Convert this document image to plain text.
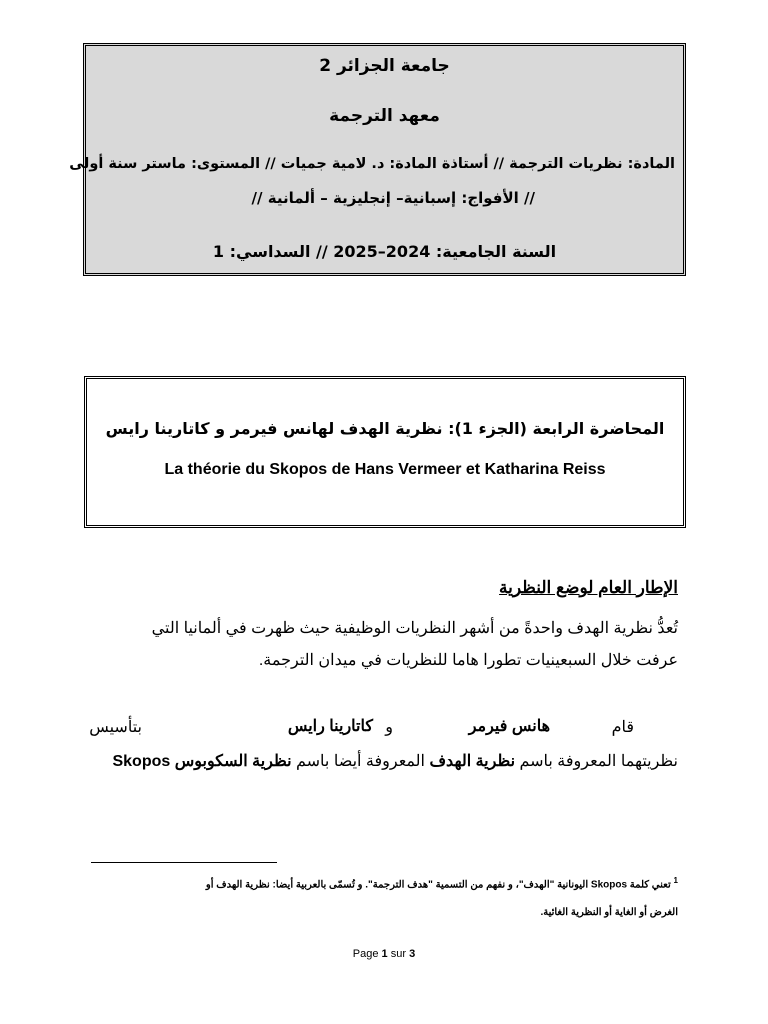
جامعة الجزائر 2
معهد الترجمة
المادة: نظريات الترجمة // أستاذة المادة: د. لامية جميات // المستوى: ماستر سنة أولى
// الأفواج: إسبانية– إنجليزية – ألمانية //
السنة الجامعية: 2024–2025 // السداسي: 1
المحاضرة الرابعة (الجزء 1): نظرية الهدف لهانس فيرمر و كاتارينا رايس
La théorie du Skopos de Hans Vermeer et Katharina Reiss
الإطار العام لوضع النظرية
تُعدُّ نظرية الهدف واحدةً من أشهر النظريات الوظيفية حيث ظهرت في ألمانيا التي
عرفت خلال السبعينيات تطورا هاما للنظريات في ميدان الترجمة.
قام
هانس فيرمر
و
كاتارينا رايس
بتأسيس
نظريتهما المعروفة باسم نظرية الهدف المعروفة أيضا باسم نظرية السكوبوس Skopos
$^1$ تعني كلمة Skopos اليونانية "الهدف"، و نفهم من التسمية "هدف الترجمة". و تُسمّى بالعربية أيضا: نظرية الهدف أو
الغرض أو الغاية أو النظرية الغائية.
Page 1 sur 3
